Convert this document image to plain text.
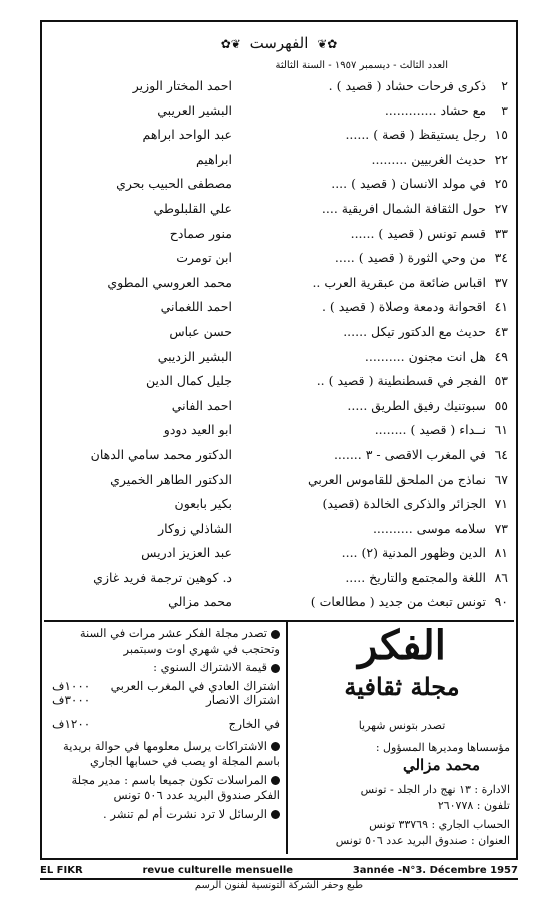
✿❦ الفهرست ❦✿
العدد الثالث - ديسمبر ١٩٥٧ - السنة الثالثة
٢ ذكرى فرحات حشاد ( قصيد ) .
احمد المختار الوزير
٣ مع حشاد .............
البشير العريبي
١٥ رجل يستيقظ ( قصة ) ......
عبد الواحد ابراهم
٢٢ حديث الغربيين .........
ابراهيم
٢٥ في مولد الانسان ( قصيد ) ....
مصطفى الحبيب بحري
٢٧ حول الثقافة الشمال افريقية ....
علي القلبلوطي
٣٣ قسم تونس ( قصيد ) ......
منور صمادح
٣٤ من وحي الثورة ( قصيد ) .....
ابن تومرت
٣٧ اقباس ضائعة من عبقرية العرب ..
محمد العروسي المطوي
٤١ اقحوانة ودمعة وصلاة ( قصيد ) .
احمد اللغماني
٤٣ حديث مع الدكتور تيكل ......
حسن عباس
٤٩ هل انت مجنون ..........
البشير الزديبي
٥٣ الفجر في قسطنطينة ( قصيد ) ..
جليل كمال الدين
٥٥ سبوتنيك رفيق الطريق .....
احمد الفاني
٦١ نــداء ( قصيد ) ........
ابو العيد دودو
٦٤ في المغرب الاقصى - ٣ .......
الدكتور محمد سامي الدهان
٦٧ نماذج من الملحق للقاموس العربي
الدكتور الطاهر الخميري
٧١ الجزائر والذكرى الخالدة (قصيد)
بكير بابعون
٧٣ سلامه موسى ..........
الشاذلي زوكار
٨١ الدين وظهور المدنية (٢) ....
عبد العزيز ادريس
٨٦ اللغة والمجتمع والتاريخ .....
د. كوهين ترجمة فريد غازي
٩٠ تونس تبعث من جديد ( مطالعات )
محمد مزالي
تصدر مجلة الفكر عشر مرات في السنة وتحتجب في شهري اوت وسبتمبر
قيمة الاشتراك السنوي :
اشتراك العادي في المغرب العربي
١٠٠٠ف
اشتراك الانصار
٣٠٠٠ف
في الخارج
١٢٠٠ف
الاشتراكات يرسل معلومها في حوالة بريدية باسم المجلة او يصب في حسابها الجاري
المراسلات تكون جميعا باسم : مدير مجلة الفكر صندوق البريد عدد ٥٠٦ تونس
الرسائل لا ترد نشرت أم لم تنشر .
الفكر
مجلة ثقافية
تصدر بتونس شهريا
مؤسساها ومديرها المسؤول :
محمد مزالي
الادارة : ١٣ نهج دار الجلد - تونس
تلفون : ٢٦٠٧٧٨
الحساب الجاري : ٣٣٧٦٩ تونس
العنوان : صندوق البريد عدد ٥٠٦ تونس
EL FIKR	revue culturelle mensuelle	3année -N°3. Décembre 1957
طبع وحفر الشركة التونسية لفنون الرسم
